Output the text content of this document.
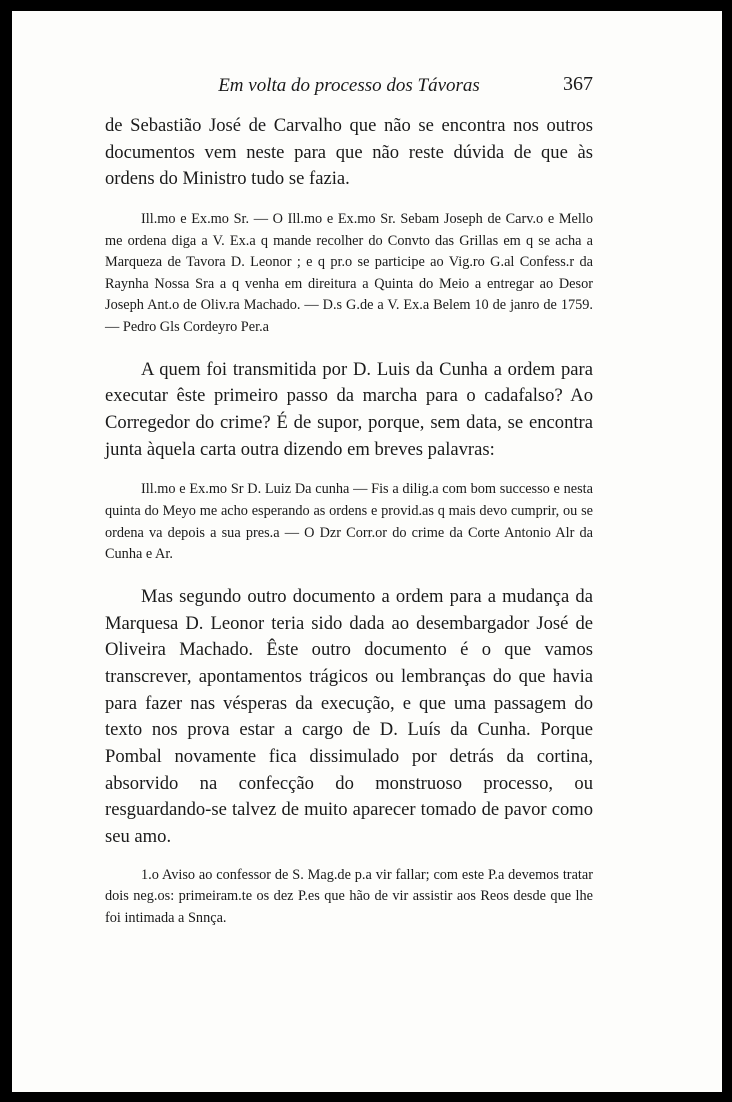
Em volta do processo dos Távoras	367

de Sebastião José de Carvalho que não se encontra nos outros documentos vem neste para que não reste dúvida de que às ordens do Ministro tudo se fazia.

Ill.mo e Ex.mo Sr. — O Ill.mo e Ex.mo Sr. Sebam Joseph de Carv.o e Mello me ordena diga a V. Ex.a q mande recolher do Convto das Grillas em q se acha a Marqueza de Tavora D. Leonor ; e q pr.o se participe ao Vig.ro G.al Confess.r da Raynha Nossa Sra a q venha em direitura a Quinta do Meio a entregar ao Desor Joseph Ant.o de Oliv.ra Machado. — D.s G.de a V. Ex.a Belem 10 de janro de 1759. — Pedro Gls Cordeyro Per.a

A quem foi transmitida por D. Luis da Cunha a ordem para executar êste primeiro passo da marcha para o cadafalso? Ao Corregedor do crime? É de supor, porque, sem data, se encontra junta àquela carta outra dizendo em breves palavras:

Ill.mo e Ex.mo Sr D. Luiz Da cunha — Fis a dilig.a com bom successo e nesta quinta do Meyo me acho esperando as ordens e provid.as q mais devo cumprir, ou se ordena va depois a sua pres.a — O Dzr Corr.or do crime da Corte Antonio Alr da Cunha e Ar.

Mas segundo outro documento a ordem para a mudança da Marquesa D. Leonor teria sido dada ao desembargador José de Oliveira Machado. Êste outro documento é o que vamos transcrever, apontamentos trágicos ou lembranças do que havia para fazer nas vésperas da execução, e que uma passagem do texto nos prova estar a cargo de D. Luís da Cunha. Porque Pombal novamente fica dissimulado por detrás da cortina, absorvido na confecção do monstruoso processo, ou resguardando-se talvez de muito aparecer tomado de pavor como seu amo.

1.o Aviso ao confessor de S. Mag.de p.a vir fallar; com este P.a devemos tratar dois neg.os: primeiram.te os dez P.es que hão de vir assistir aos Reos desde que lhe foi intimada a Snnça.
